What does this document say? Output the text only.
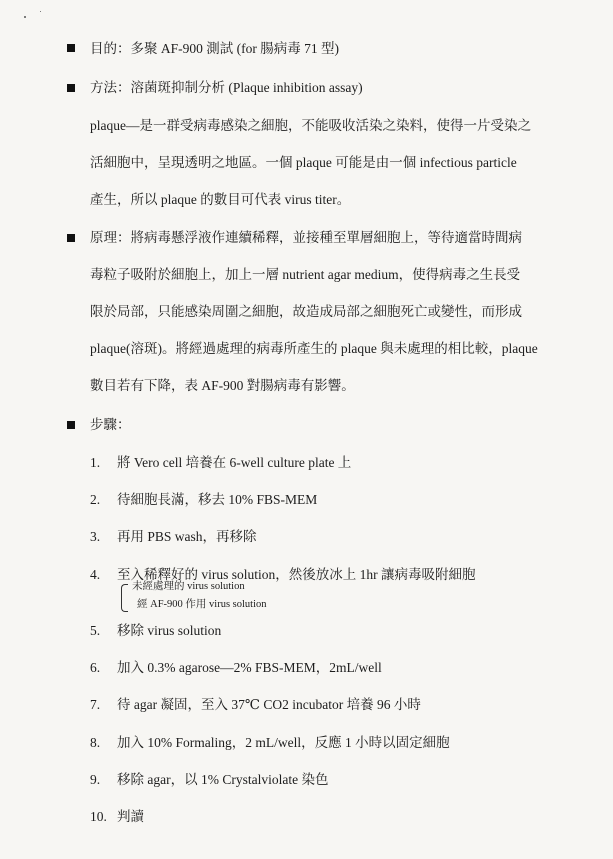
目的：多聚 AF-900 測試 (for 腸病毒 71 型)
方法：溶菌斑抑制分析 (Plaque inhibition assay)
plaque—是一群受病毒感染之細胞，不能吸收活染之染料，使得一片受染之
活細胞中，呈現透明之地區。一個 plaque 可能是由一個 infectious particle
產生，所以 plaque 的數目可代表 virus titer。
原理：將病毒懸浮液作連續稀釋，並接種至單層細胞上，等待適當時間病
毒粒子吸附於細胞上，加上一層 nutrient agar medium，使得病毒之生長受
限於局部，只能感染周圍之細胞，故造成局部之細胞死亡或變性，而形成
plaque(溶斑)。將經過處理的病毒所產生的 plaque 與未處理的相比較，plaque
數目若有下降，表 AF-900 對腸病毒有影響。
步驟：
1. 將 Vero cell 培養在 6-well culture plate 上
2. 待細胞長滿，移去 10% FBS-MEM
3. 再用 PBS wash，再移除
4. 至入稀釋好的 virus solution，然後放冰上 1hr 讓病毒吸附細胞
未經處理的 virus solution
經 AF-900 作用 virus solution
5. 移除 virus solution
6. 加入 0.3% agarose—2% FBS-MEM，2mL/well
7. 待 agar 凝固，至入 37℃ CO2 incubator 培養 96 小時
8. 加入 10% Formaling，2 mL/well，反應 1 小時以固定細胞
9. 移除 agar，以 1% Crystalviolate 染色
10. 判讀
